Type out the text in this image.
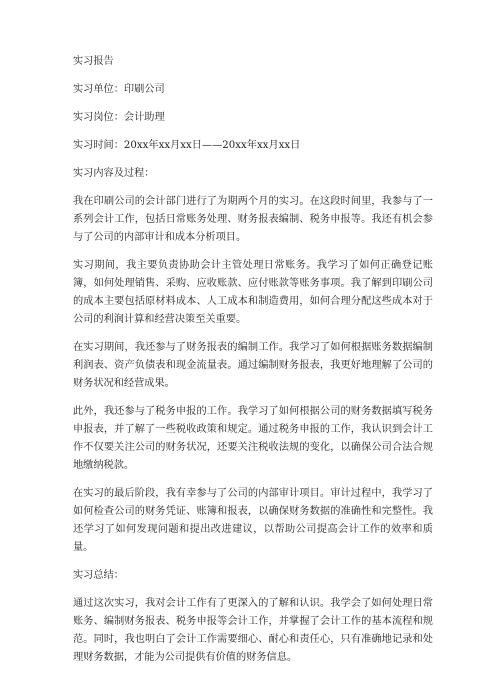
实习报告
实习单位：印刷公司
实习岗位：会计助理
实习时间：20xx年xx月xx日——20xx年xx月xx日
实习内容及过程：

我在印刷公司的会计部门进行了为期两个月的实习。在这段时间里，我参与了一系列会计工作，包括日常账务处理、财务报表编制、税务申报等。我还有机会参与了公司的内部审计和成本分析项目。

实习期间，我主要负责协助会计主管处理日常账务。我学习了如何正确登记账簿，如何处理销售、采购、应收账款、应付账款等账务事项。我了解到印刷公司的成本主要包括原材料成本、人工成本和制造费用，如何合理分配这些成本对于公司的利润计算和经营决策至关重要。

在实习期间，我还参与了财务报表的编制工作。我学习了如何根据账务数据编制利润表、资产负债表和现金流量表。通过编制财务报表，我更好地理解了公司的财务状况和经营成果。

此外，我还参与了税务申报的工作。我学习了如何根据公司的财务数据填写税务申报表，并了解了一些税收政策和规定。通过税务申报的工作，我认识到会计工作不仅要关注公司的财务状况，还要关注税收法规的变化，以确保公司合法合规地缴纳税款。

在实习的最后阶段，我有幸参与了公司的内部审计项目。审计过程中，我学习了如何检查公司的财务凭证、账簿和报表，以确保财务数据的准确性和完整性。我还学习了如何发现问题和提出改进建议，以帮助公司提高会计工作的效率和质量。

实习总结：

通过这次实习，我对会计工作有了更深入的了解和认识。我学会了如何处理日常账务、编制财务报表、税务申报等会计工作，并掌握了会计工作的基本流程和规范。同时，我也明白了会计工作需要细心、耐心和责任心，只有准确地记录和处理财务数据，才能为公司提供有价值的财务信息。
